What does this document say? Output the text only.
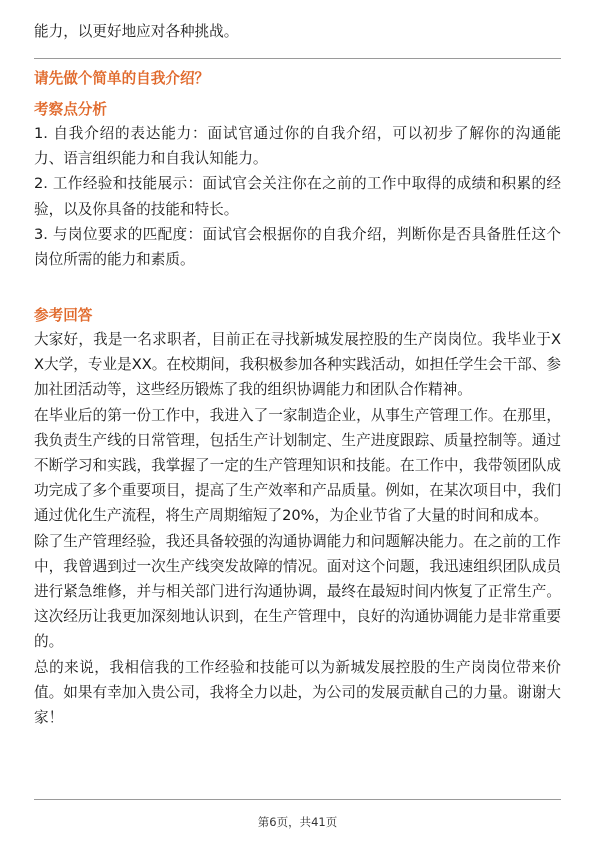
能力，以更好地应对各种挑战。

请先做个简单的自我介绍？

考察点分析

1. 自我介绍的表达能力：面试官通过你的自我介绍，可以初步了解你的沟通能力、语言组织能力和自我认知能力。

2. 工作经验和技能展示：面试官会关注你在之前的工作中取得的成绩和积累的经验，以及你具备的技能和特长。

3. 与岗位要求的匹配度：面试官会根据你的自我介绍，判断你是否具备胜任这个岗位所需的能力和素质。

参考回答

大家好，我是一名求职者，目前正在寻找新城发展控股的生产岗岗位。我毕业于XX大学，专业是XX。在校期间，我积极参加各种实践活动，如担任学生会干部、参加社团活动等，这些经历锻炼了我的组织协调能力和团队合作精神。

在毕业后的第一份工作中，我进入了一家制造企业，从事生产管理工作。在那里，我负责生产线的日常管理，包括生产计划制定、生产进度跟踪、质量控制等。通过不断学习和实践，我掌握了一定的生产管理知识和技能。在工作中，我带领团队成功完成了多个重要项目，提高了生产效率和产品质量。例如，在某次项目中，我们通过优化生产流程，将生产周期缩短了20%，为企业节省了大量的时间和成本。

除了生产管理经验，我还具备较强的沟通协调能力和问题解决能力。在之前的工作中，我曾遇到过一次生产线突发故障的情况。面对这个问题，我迅速组织团队成员进行紧急维修，并与相关部门进行沟通协调，最终在最短时间内恢复了正常生产。这次经历让我更加深刻地认识到，在生产管理中，良好的沟通协调能力是非常重要的。

总的来说，我相信我的工作经验和技能可以为新城发展控股的生产岗岗位带来价值。如果有幸加入贵公司，我将全力以赴，为公司的发展贡献自己的力量。谢谢大家！

第6页，共41页
